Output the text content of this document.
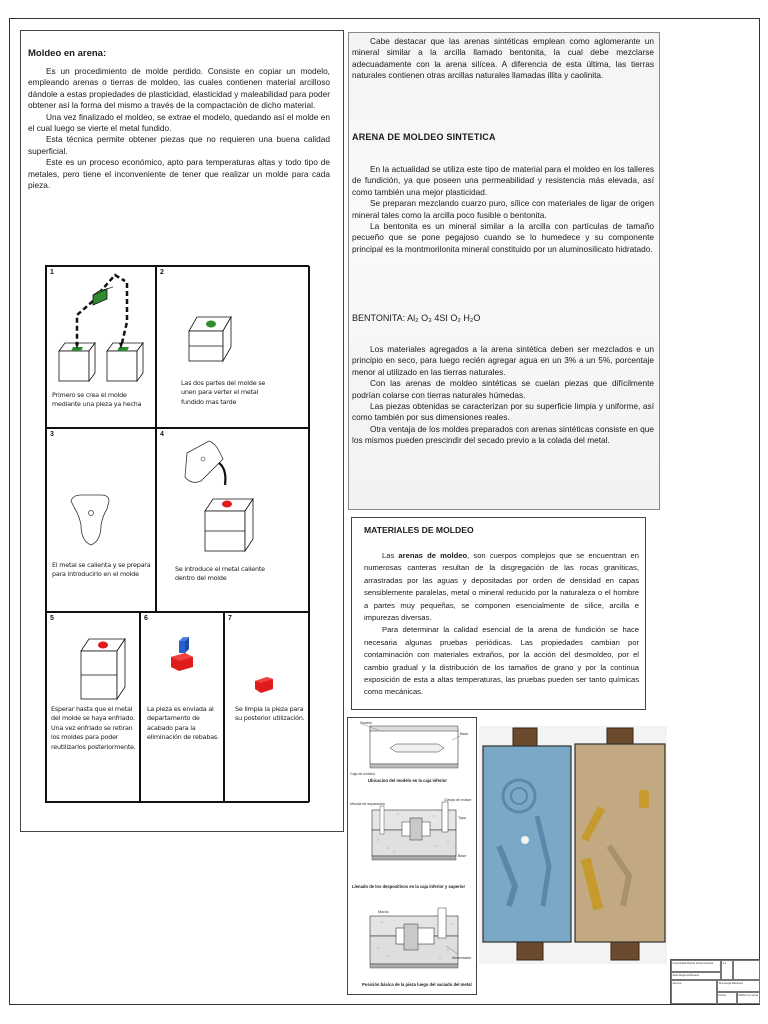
Moldeo en arena:

Es un procedimiento de molde perdido. Consiste en copiar un modelo, empleando arenas o tierras de moldeo, las cuales contienen material arcilloso dándole a estas propiedades de plasticidad, elasticidad y maleabilidad para poder obtener así la forma del mismo a través de la compactación de dicho material.

Una vez finalizado el moldeo, se extrae el modelo, quedando así el molde en el cual luego se vierte el metal fundido.

Esta técnica permite obtener piezas que no requieren una buena calidad superficial.

Este es un proceso económico, apto para temperaturas altas y todo tipo de metales, pero tiene el inconveniente de tener que realizar un molde para cada pieza.

1
Primero se crea el molde mediante una pieza ya hecha
2
Las dos partes del molde se unen para verter el metal fundido mas tarde
3
El metal se calienta y se prepara para introducirlo en el molde
4
Se introduce el metal caliente dentro del molde
5
Esperar hasta que el metal del molde se haya enfriado. Una vez enfriado se retiran los moldes para poder reutilizarlos posteriormente.
6
La pieza es enviada al departamento de acabado para la eliminación de rebabas.
7
Se limpia la pieza para su posterior utilización.

Cabe destacar que las arenas sintéticas emplean como aglomerante un mineral similar a la arcilla llamado bentonita, la cual debe mezclarse adecuadamente con la arena silícea. A diferencia de esta última, las tierras naturales contienen otras arcillas naturales llamadas illita y caolinita.

ARENA DE MOLDEO SINTETICA

En la actualidad se utiliza este tipo de material para el moldeo en los talleres de fundición, ya que poseen una permeabilidad y resistencia más elevada, así como también una mejor plasticidad.

Se preparan mezclando cuarzo puro, sílice con materiales de ligar de origen mineral tales como la arcilla poco fusible o bentonita.

La bentonita es un mineral similar a la arcilla con partículas de tamaño pecueño que se pone pegajoso cuando se lo humedece y su componente principal es la montmorilonita mineral constituido por un aluminosilicato hidratado.

BENTONITA: Al₂ O₃ 4SI O₂ H₂O

Los materiales agregados a la arena sintética deben ser mezclados e un principio en seco, para luego recién agregar agua en un 3% a un 5%, porcentaje menor al utilizado en las tierras naturales.

Con las arenas de moldeo sintéticas se cuelan piezas que difícilmente podrían colarse con tierras naturales húmedas.

Las piezas obtenidas se caracterizan por su superficie limpia y uniforme, así como también por sus dimensiones reales.

Otra ventaja de los moldes preparados con arenas sintéticas consiste en que los mismos pueden prescindir del secado previo a la colada del metal.

MATERIALES DE MOLDEO

Las arenas de moldeo, son cuerpos complejos que se encuentran en numerosas canteras resultan de la disgregación de las rocas graníticas, arrastradas por las aguas y depositadas por orden de densidad en capas sensiblemente paralelas, metal o mineral reducido por la naturaleza o el hombre a partes muy pequeñas, se componen esencialmente de sílice, arcilla e impurezas diversas.

Para determinar la calidad esencial de la arena de fundición se hace necesaria algunas pruebas periódicas. Las propiedades cambian por contaminación con materiales extraños, por la acción del desmoldeo, por el cambio gradual y la distribución de los tamaños de grano y por la continua exposición de esta a altas temperaturas, las pruebas pueden ser tanto químicas como mecánicas.

Ubicacion del modelo en la caja inferior
Llenado de los despositivos en la caja inferior y superior
Posición básica de la pieza luego del vaciado del metal
Modelo
Base
Caja de moldeo
Mezcla de separación
Clavija de enlace
Tapa
Base
Macho
Alimentador
Universidad Abierta Interamericana
Sede Regional Rosario
1:1
Alumno	Tecnología Mecánica
Fecha	Moldeo en arena
